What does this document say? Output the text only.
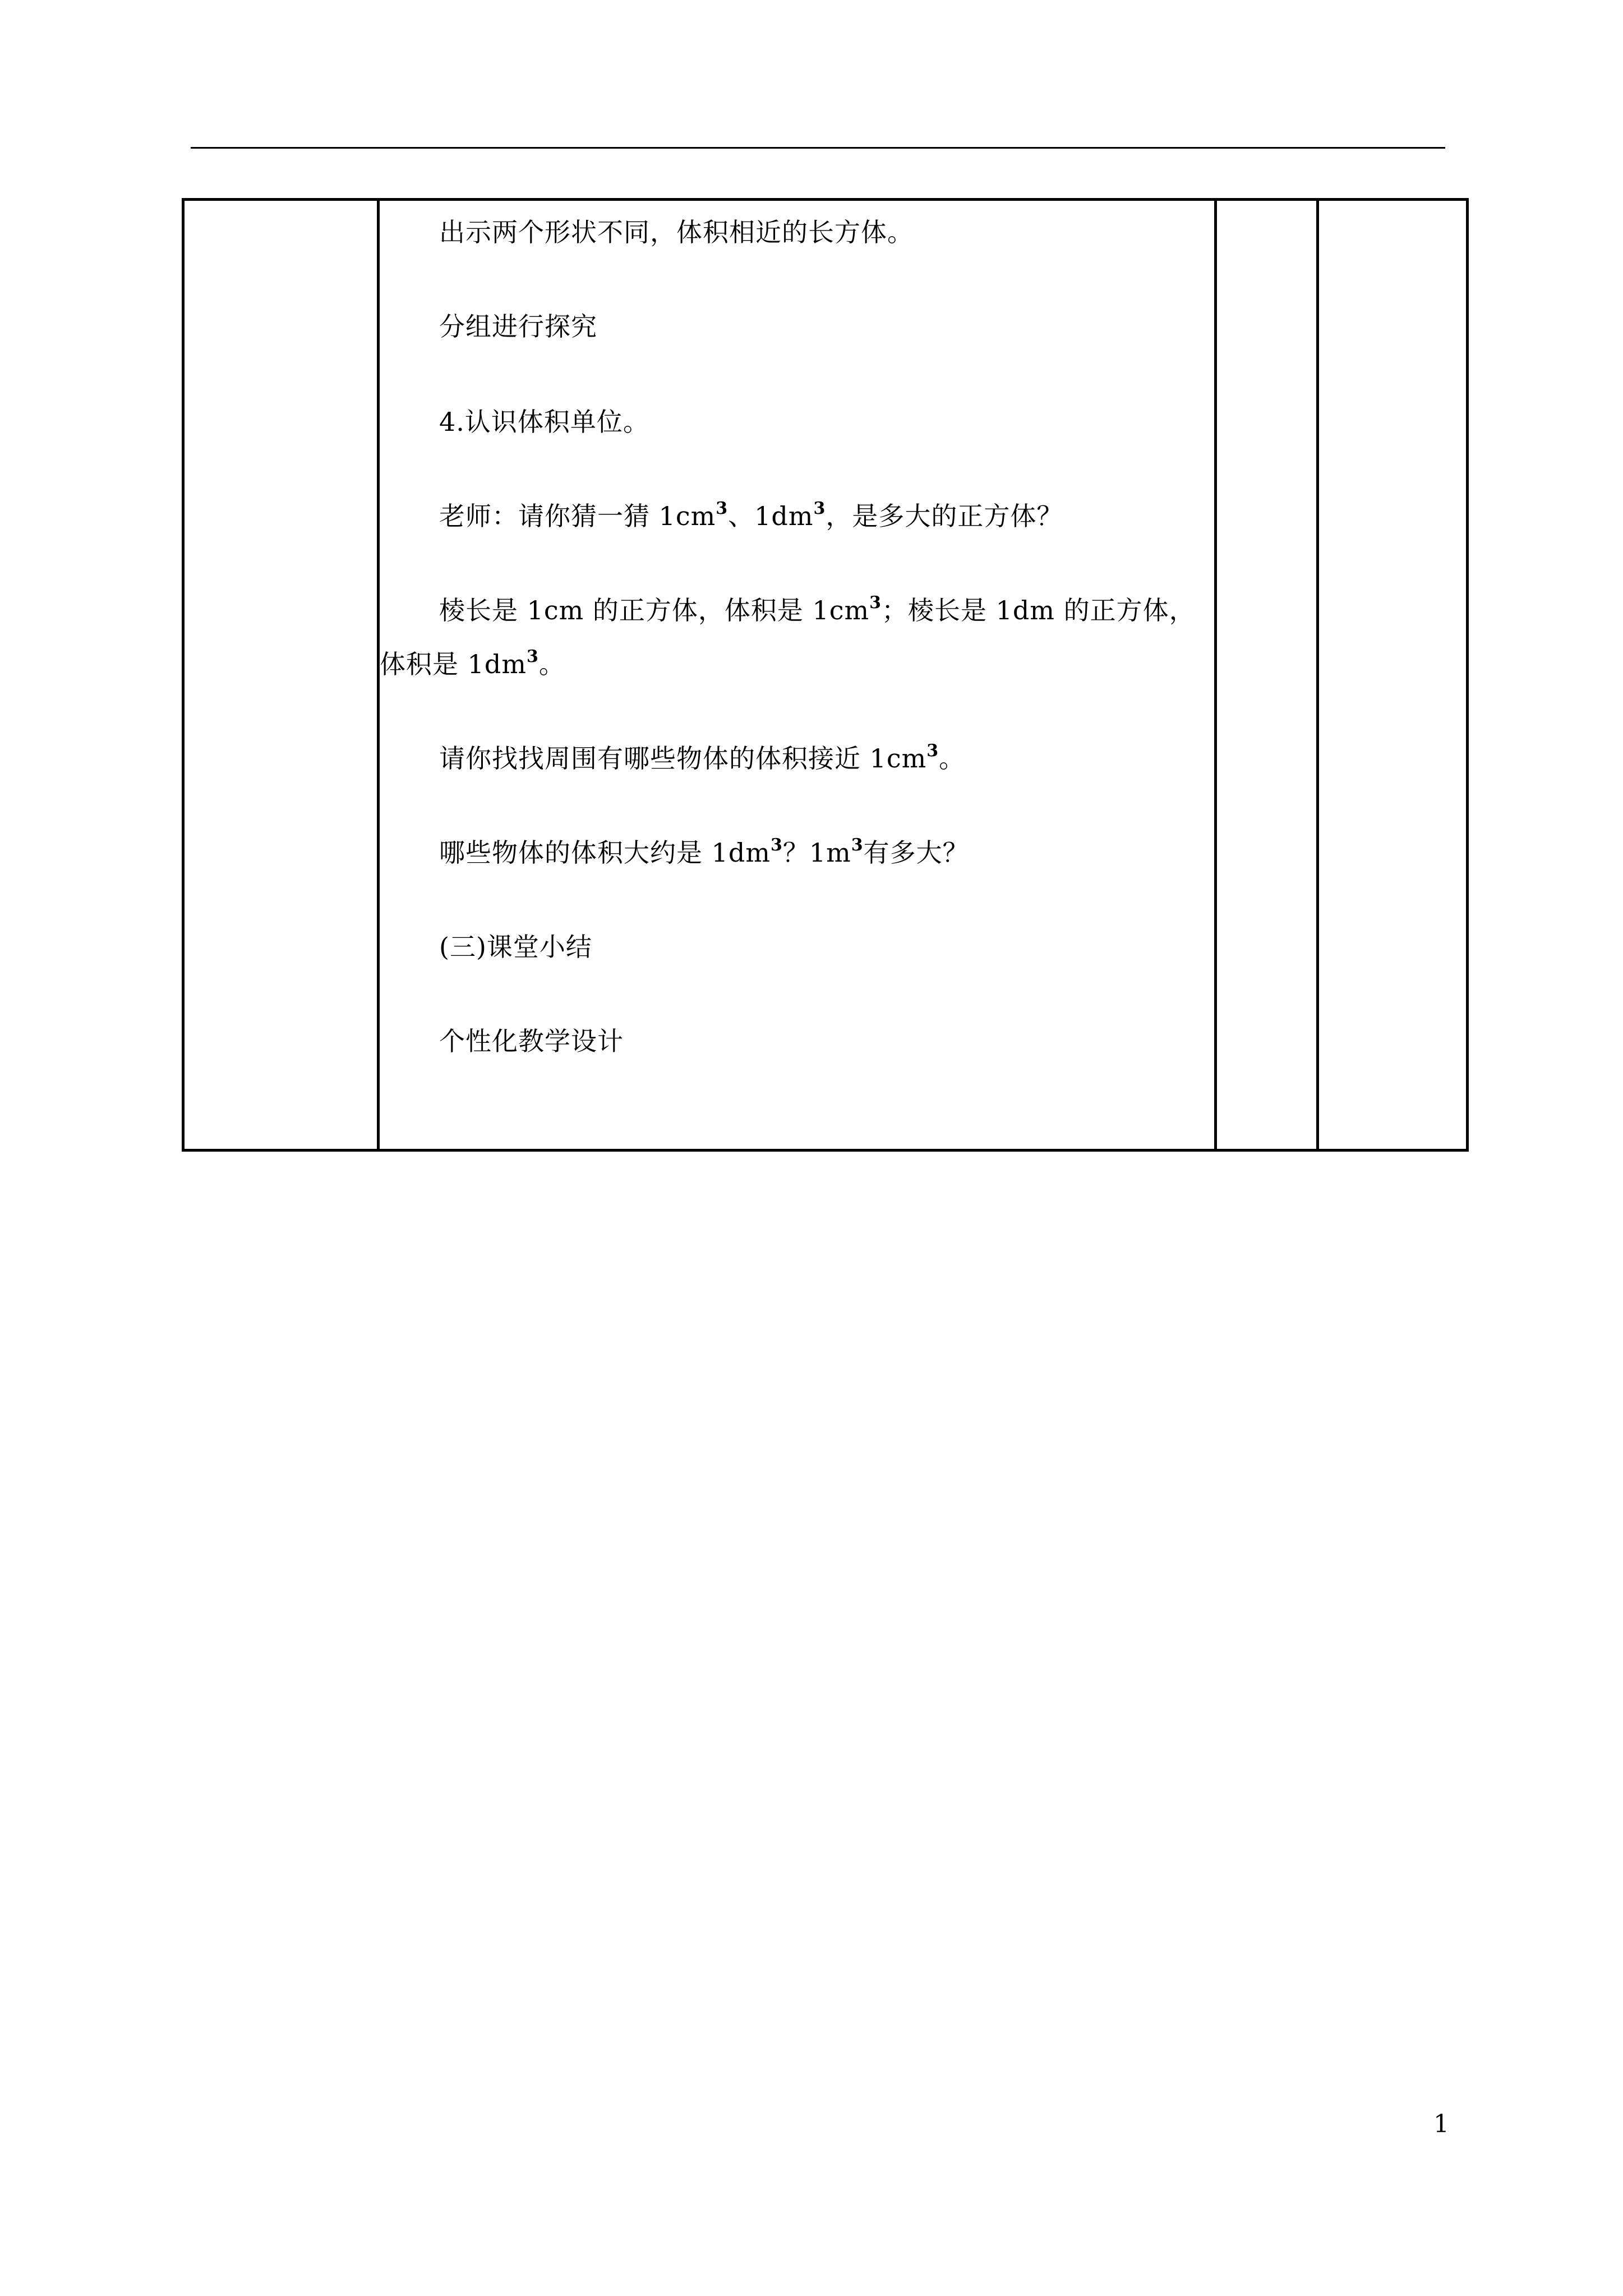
出示两个形状不同，体积相近的长方体。
分组进行探究
4.认识体积单位。
老师：请你猜一猜 $1cm^3$、$1dm^3$，是多大的正方体？
棱长是 1cm 的正方体，体积是 $1cm^3$；棱长是 1dm 的正方体，
体积是 $1dm^3$。
请你找找周围有哪些物体的体积接近 $1cm^3$。
哪些物体的体积大约是 $1dm^3$？$1m^3$有多大？
(三)课堂小结
个性化教学设计

1
